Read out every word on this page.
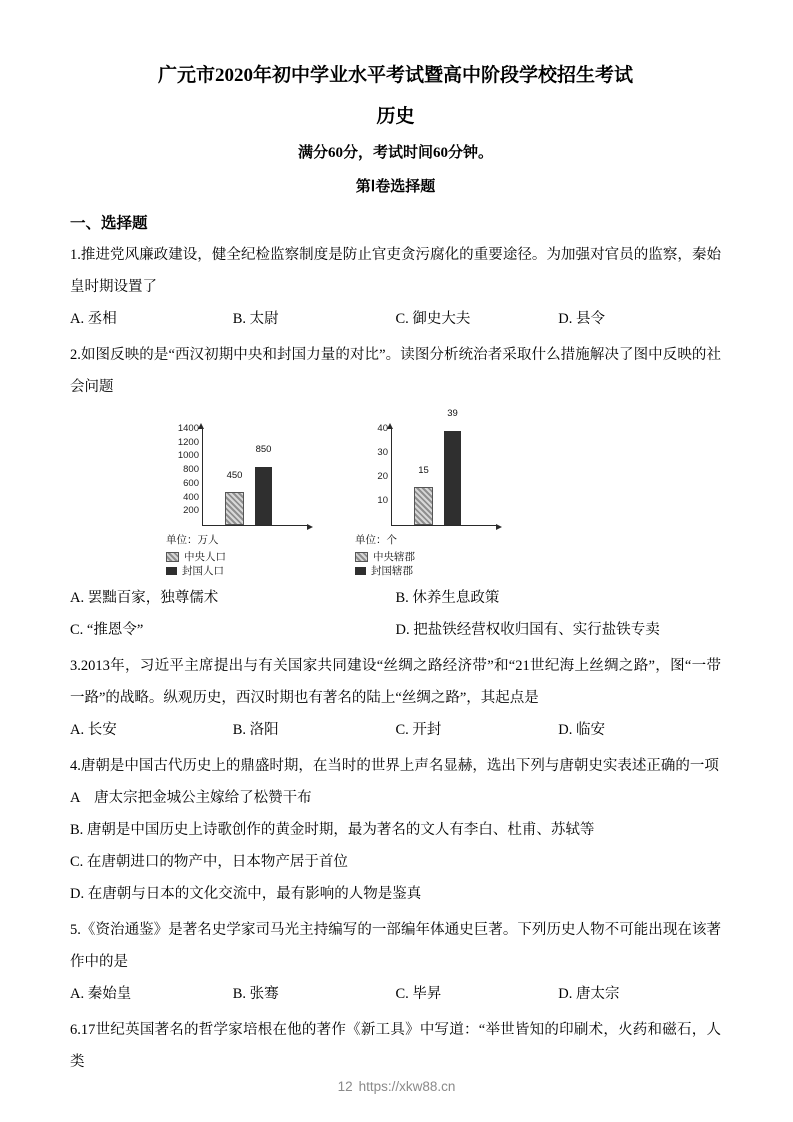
广元市2020年初中学业水平考试暨高中阶段学校招生考试
历史
满分60分，考试时间60分钟。
第Ⅰ卷选择题
一、选择题

1.推进党风廉政建设，健全纪检监察制度是防止官吏贪污腐化的重要途径。为加强对官员的监察，秦始皇时期设置了

A. 丞相	B. 太尉	C. 御史大夫	D. 县令

2.如图反映的是“西汉初期中央和封国力量的对比”。读图分析统治者采取什么措施解决了图中反映的社会问题

200
400
600
800
1000
1200
1400
450
850
单位：万人
中央人口
封国人口
10
20
30
40
15
39
单位：个
中央辖郡
封国辖郡
A. 罢黜百家，独尊儒术	B. 休养生息政策
C. “推恩令”	D. 把盐铁经营权收归国有、实行盐铁专卖

3.2013年，习近平主席提出与有关国家共同建设“丝绸之路经济带”和“21世纪海上丝绸之路”，图“一带一路”的战略。纵观历史，西汉时期也有著名的陆上“丝绸之路”，其起点是

A. 长安	B. 洛阳	C. 开封	D. 临安

4.唐朝是中国古代历史上的鼎盛时期，在当时的世界上声名显赫，选出下列与唐朝史实表述正确的一项

A　唐太宗把金城公主嫁给了松赞干布
B. 唐朝是中国历史上诗歌创作的黄金时期，最为著名的文人有李白、杜甫、苏轼等
C. 在唐朝进口的物产中，日本物产居于首位
D. 在唐朝与日本的文化交流中，最有影响的人物是鉴真

5.《资治通鉴》是著名史学家司马光主持编写的一部编年体通史巨著。下列历史人物不可能出现在该著作中的是

A. 秦始皇	B. 张骞	C. 毕昇	D. 唐太宗

6.17世纪英国著名的哲学家培根在他的著作《新工具》中写道：“举世皆知的印刷术，火药和磁石，人类

12 https://xkw88.cn
